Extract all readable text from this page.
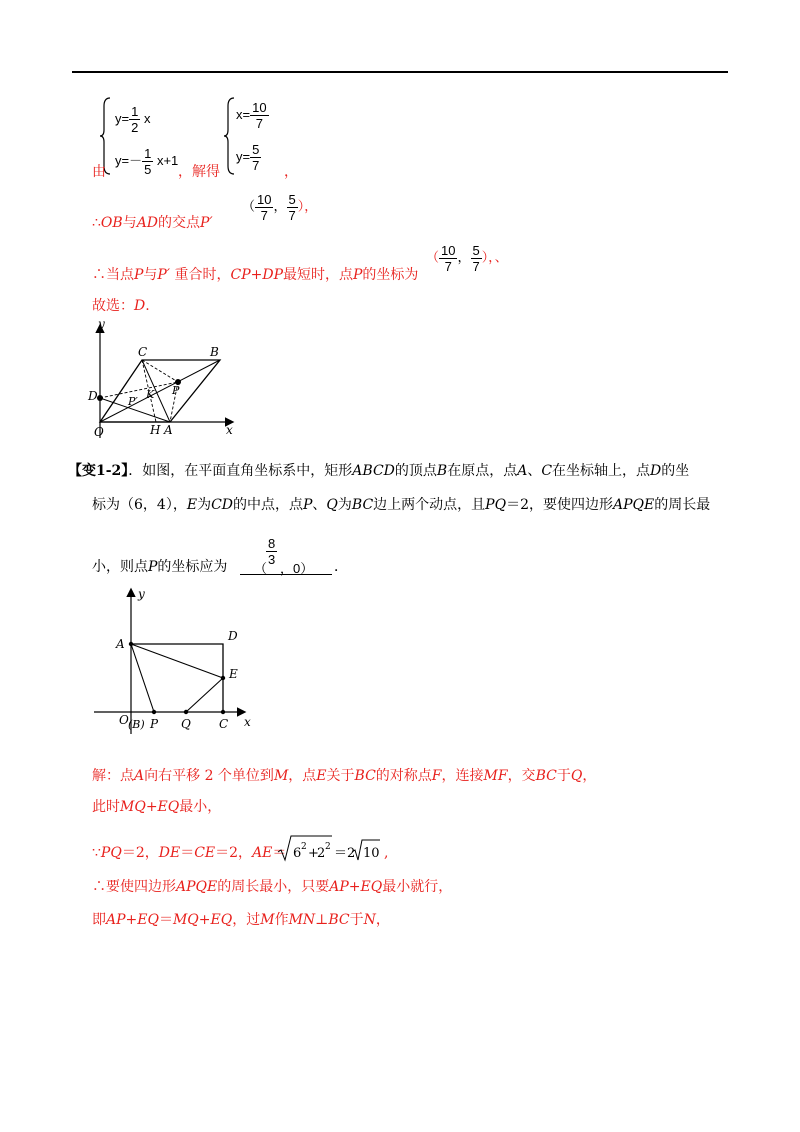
$y= \frac{1}{2}$ x
$y=- \frac{1}{5} x+1$
由	，解得
$x= \frac{10}{7}$
$y= \frac{5}{7}$ ，
∴OB与AD的交点P′
（ $\frac{10}{7}$ ， $\frac{5}{7}$ ），
∴当点P与P′ 重合时，CP+DP最短时，点P的坐标为
（ $\frac{10}{7}$ ， $\frac{5}{7}$ ），、
故选：D.
y
C	B
D	P′
K P
O	H A	x
【变1-2】．如图，在平面直角坐标系中，矩形ABCD的顶点B在原点，点A、C在坐标轴上，点D的坐
标为（6，4），E为CD的中点，点P、Q为BC边上两个动点，且PQ＝2，要使四边形APQE的周长最
小，则点P的坐标应为 （
$\frac{8}{3}$
，0） ．
y
A
D
E
O (B) P Q C x
解：点A向右平移 2 个单位到M，点E关于BC的对称点F，连接MF，交BC于Q，
此时MQ+EQ最小，
∵PQ＝2，DE＝CE＝2，AE＝ 6 2 +
2 2 ＝2 10 ,
∴要使四边形APQE的周长最小，只要AP+EQ最小就行，
即AP+EQ＝MQ+EQ，过M作MN⊥BC于N，
